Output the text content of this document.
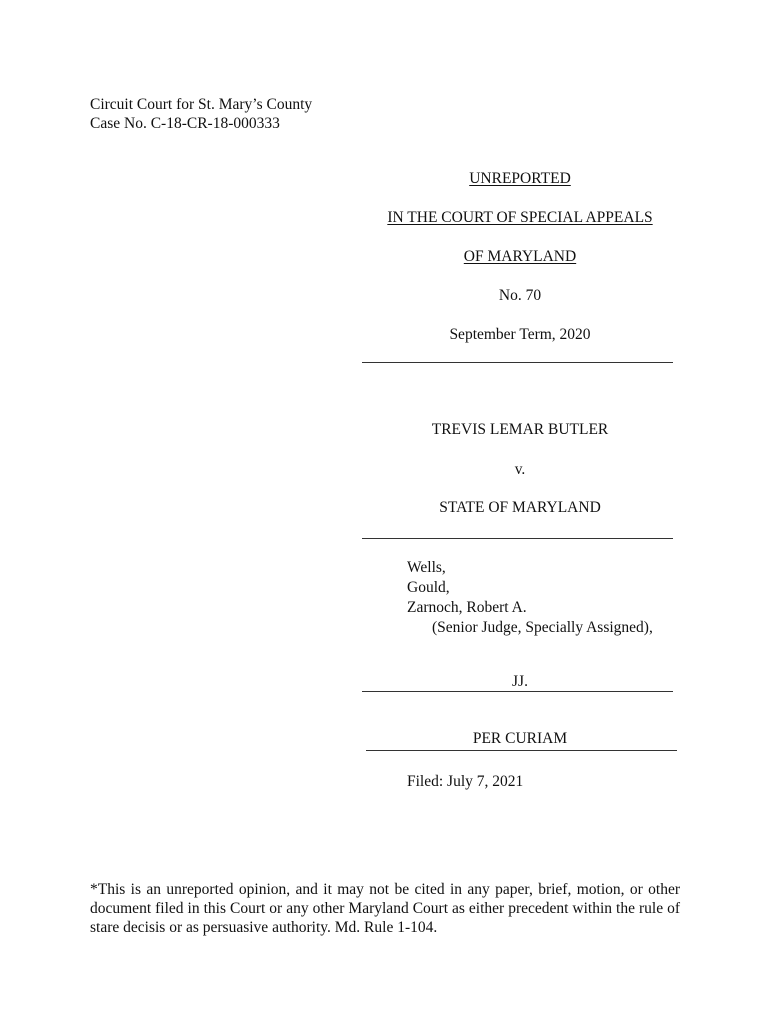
Circuit Court for St. Mary’s County

Case No. C-18-CR-18-000333

UNREPORTED

IN THE COURT OF SPECIAL APPEALS

OF MARYLAND

No. 70

September Term, 2020

TREVIS LEMAR BUTLER

v.

STATE OF MARYLAND

Wells,

Gould,

Zarnoch, Robert A.

(Senior Judge, Specially Assigned),

JJ.

PER CURIAM

Filed: July 7, 2021

*This is an unreported opinion, and it may not be cited in any paper, brief, motion, or other document filed in this Court or any other Maryland Court as either precedent within the rule of stare decisis or as persuasive authority. Md. Rule 1-104.
